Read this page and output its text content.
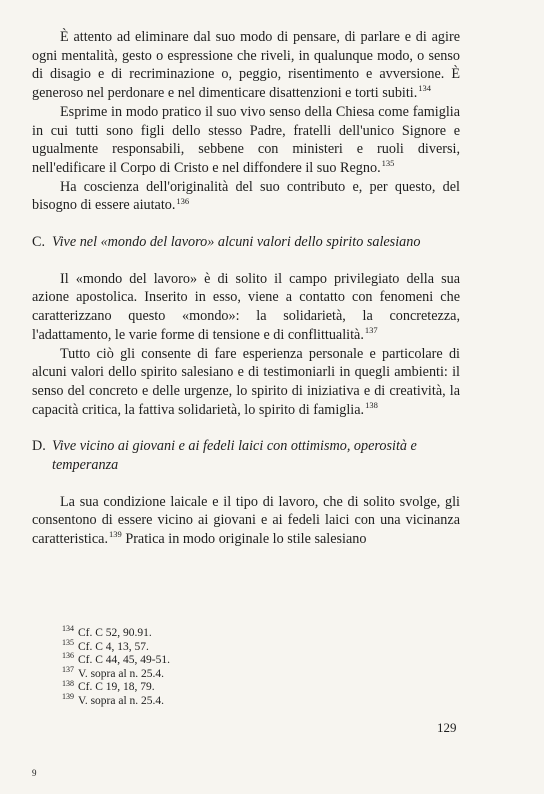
È attento ad eliminare dal suo modo di pensare, di parlare e di agire ogni mentalità, gesto o espressione che riveli, in qualunque modo, o senso di disagio e di recriminazione o, peggio, risentimento e avversione. È generoso nel perdonare e nel dimenticare disattenzioni e torti subiti.$^{134}$

Esprime in modo pratico il suo vivo senso della Chiesa come famiglia in cui tutti sono figli dello stesso Padre, fratelli dell'unico Signore e ugualmente responsabili, sebbene con ministeri e ruoli diversi, nell'edificare il Corpo di Cristo e nel diffondere il suo Regno.$^{135}$

Ha coscienza dell'originalità del suo contributo e, per questo, del bisogno di essere aiutato.$^{136}$

C. Vive nel «mondo del lavoro» alcuni valori dello spirito salesiano

Il «mondo del lavoro» è di solito il campo privilegiato della sua azione apostolica. Inserito in esso, viene a contatto con fenomeni che caratterizzano questo «mondo»: la solidarietà, la concretezza, l'adattamento, le varie forme di tensione e di conflittualità.$^{137}$

Tutto ciò gli consente di fare esperienza personale e particolare di alcuni valori dello spirito salesiano e di testimoniarli in quegli ambienti: il senso del concreto e delle urgenze, lo spirito di iniziativa e di creatività, la capacità critica, la fattiva solidarietà, lo spirito di famiglia.$^{138}$

D. Vive vicino ai giovani e ai fedeli laici con ottimismo, operosità e temperanza

La sua condizione laicale e il tipo di lavoro, che di solito svolge, gli consentono di essere vicino ai giovani e ai fedeli laici con una vicinanza caratteristica.$^{139}$ Pratica in modo originale lo stile salesiano

134 Cf. C 52, 90.91.
135 Cf. C 4, 13, 57.
136 Cf. C 44, 45, 49-51.
137 V. sopra al n. 25.4.
138 Cf. C 19, 18, 79.
139 V. sopra al n. 25.4.
129
9
